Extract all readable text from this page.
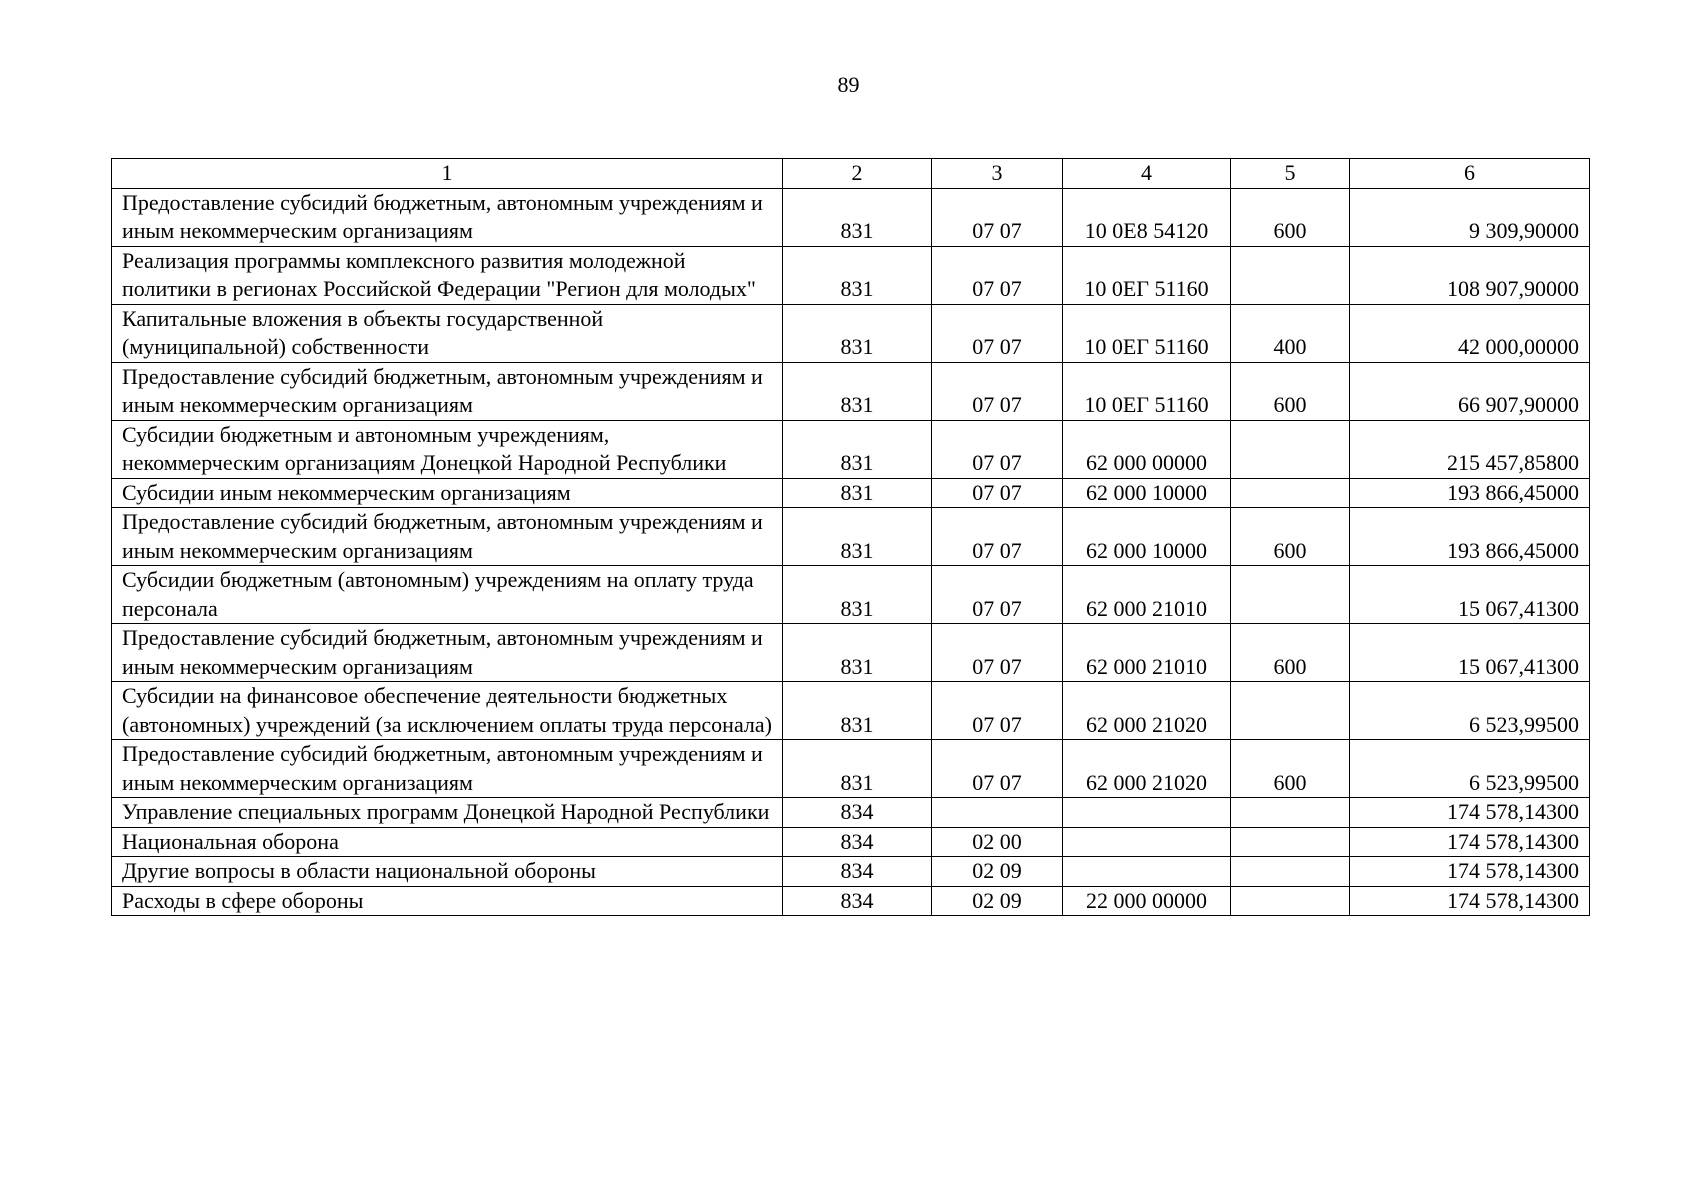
89
1	2	3	4	5	6
Предоставление субсидий бюджетным, автономным учреждениям и иным некоммерческим организациям	831	07 07	10 0Е8 54120	600	9 309,90000
Реализация программы комплексного развития молодежной политики в регионах Российской Федерации "Регион для молодых"	831	07 07	10 0ЕГ 51160		108 907,90000
Капитальные вложения в объекты государственной (муниципальной) собственности	831	07 07	10 0ЕГ 51160	400	42 000,00000
Предоставление субсидий бюджетным, автономным учреждениям и иным некоммерческим организациям	831	07 07	10 0ЕГ 51160	600	66 907,90000
Субсидии бюджетным и автономным учреждениям, некоммерческим организациям Донецкой Народной Республики	831	07 07	62 000 00000		215 457,85800
Субсидии иным некоммерческим организациям	831	07 07	62 000 10000		193 866,45000
Предоставление субсидий бюджетным, автономным учреждениям и иным некоммерческим организациям	831	07 07	62 000 10000	600	193 866,45000
Субсидии бюджетным (автономным) учреждениям на оплату труда персонала	831	07 07	62 000 21010		15 067,41300
Предоставление субсидий бюджетным, автономным учреждениям и иным некоммерческим организациям	831	07 07	62 000 21010	600	15 067,41300
Субсидии на финансовое обеспечение деятельности бюджетных (автономных) учреждений (за исключением оплаты труда персонала)	831	07 07	62 000 21020		6 523,99500
Предоставление субсидий бюджетным, автономным учреждениям и иным некоммерческим организациям	831	07 07	62 000 21020	600	6 523,99500
Управление специальных программ Донецкой Народной Республики	834				174 578,14300
Национальная оборона	834	02 00			174 578,14300
Другие вопросы в области национальной обороны	834	02 09			174 578,14300
Расходы в сфере обороны	834	02 09	22 000 00000		174 578,14300
